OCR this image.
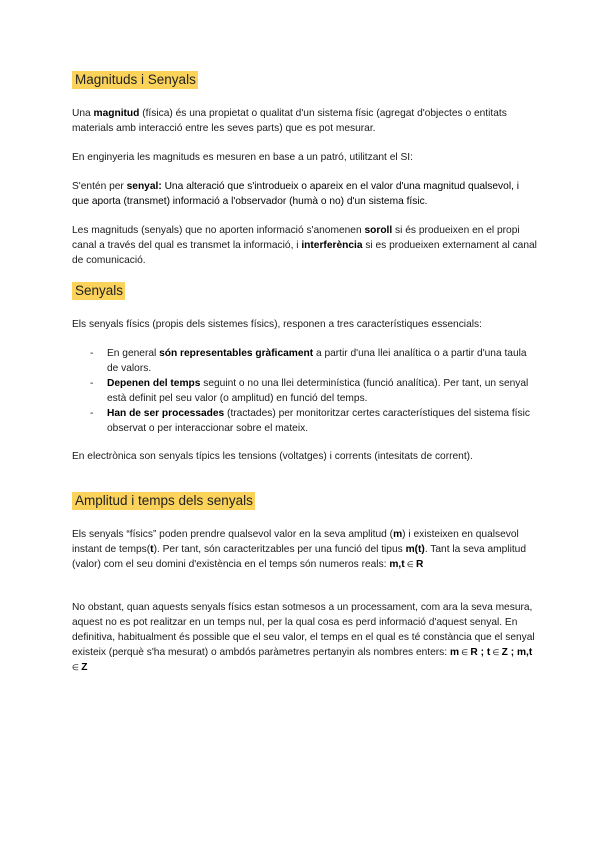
Magnituds i Senyals

Una magnitud (física) és una propietat o qualitat d'un sistema físic (agregat d'objectes o entitats materials amb interacció entre les seves parts) que es pot mesurar.

En enginyeria les magnituds es mesuren en base a un patró, utilitzant el SI:

S'entén per senyal: Una alteració que s'introdueix o apareix en el valor d'una magnitud qualsevol, i que aporta (transmet) informació a l'observador (humà o no) d'un sistema físic.

Les magnituds (senyals) que no aporten informació s'anomenen soroll si és produeixen en el propi canal a través del qual es transmet la informació, i interferència si es produeixen externament al canal de comunicació.

Senyals

Els senyals físics (propis dels sistemes físics), responen a tres característiques essencials:

- En general són representables gràficament a partir d'una llei analítica o a partir d'una taula de valors.
- Depenen del temps seguint o no una llei determinística (funció analítica). Per tant, un senyal està definit pel seu valor (o amplitud) en funció del temps.
- Han de ser processades (tractades) per monitoritzar certes característiques del sistema físic observat o per interaccionar sobre el mateix.

En electrònica son senyals típics les tensions (voltatges) i corrents (intesitats de corrent).

Amplitud i temps dels senyals

Els senyals “físics” poden prendre qualsevol valor en la seva amplitud (m) i existeixen en qualsevol instant de temps(t). Per tant, són caracteritzables per una funció del tipus m(t). Tant la seva amplitud (valor) com el seu domini d'existència en el temps són numeros reals: m,t ∈ R

No obstant, quan aquests senyals físics estan sotmesos a un processament, com ara la seva mesura, aquest no es pot realitzar en un temps nul, per la qual cosa es perd informació d'aquest senyal. En definitiva, habitualment és possible que el seu valor, el temps en el qual es té constància que el senyal existeix (perquè s'ha mesurat) o ambdós paràmetres pertanyin als nombres enters: m ∈ R ; t ∈ Z ; m,t ∈ Z
